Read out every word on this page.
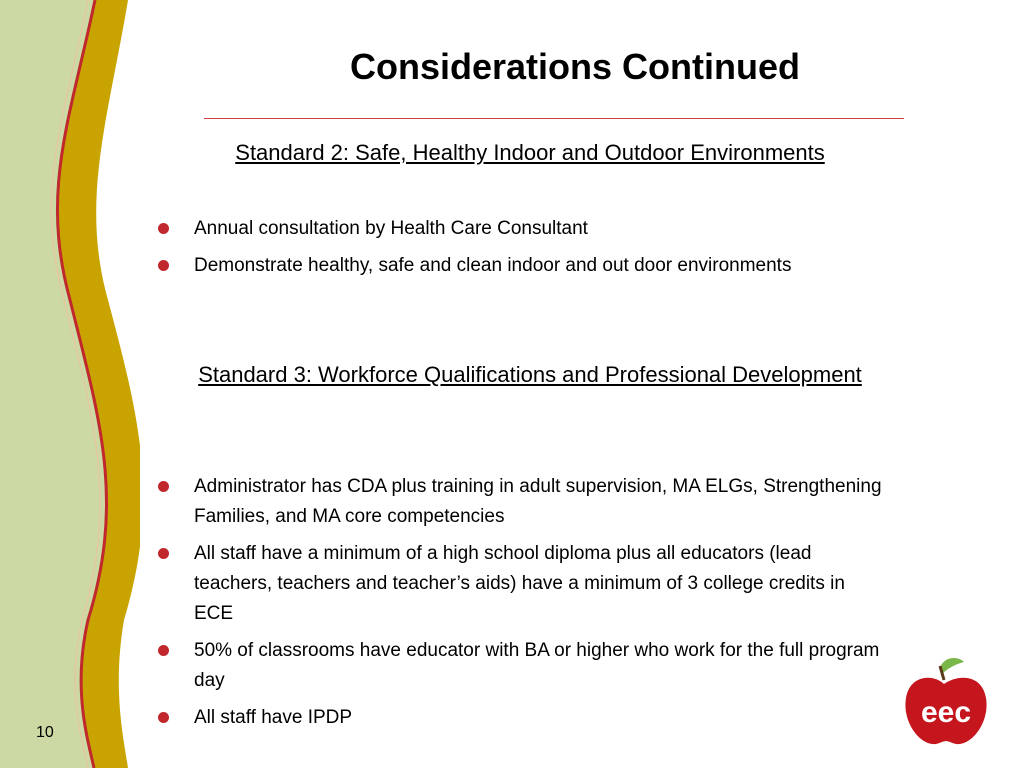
10
Considerations Continued
Standard 2: Safe, Healthy Indoor and Outdoor Environments
Annual consultation by Health Care Consultant
Demonstrate healthy, safe and clean indoor and out door environments
Standard 3: Workforce Qualifications and Professional Development
Administrator has CDA plus training in adult supervision, MA ELGs, Strengthening Families, and MA core competencies
All staff have a minimum of a high school diploma plus all educators (lead teachers, teachers and teacher’s aids) have a minimum of 3 college credits in ECE
50% of classrooms have educator with BA or higher who work for the full program day
All staff have IPDP	eec
